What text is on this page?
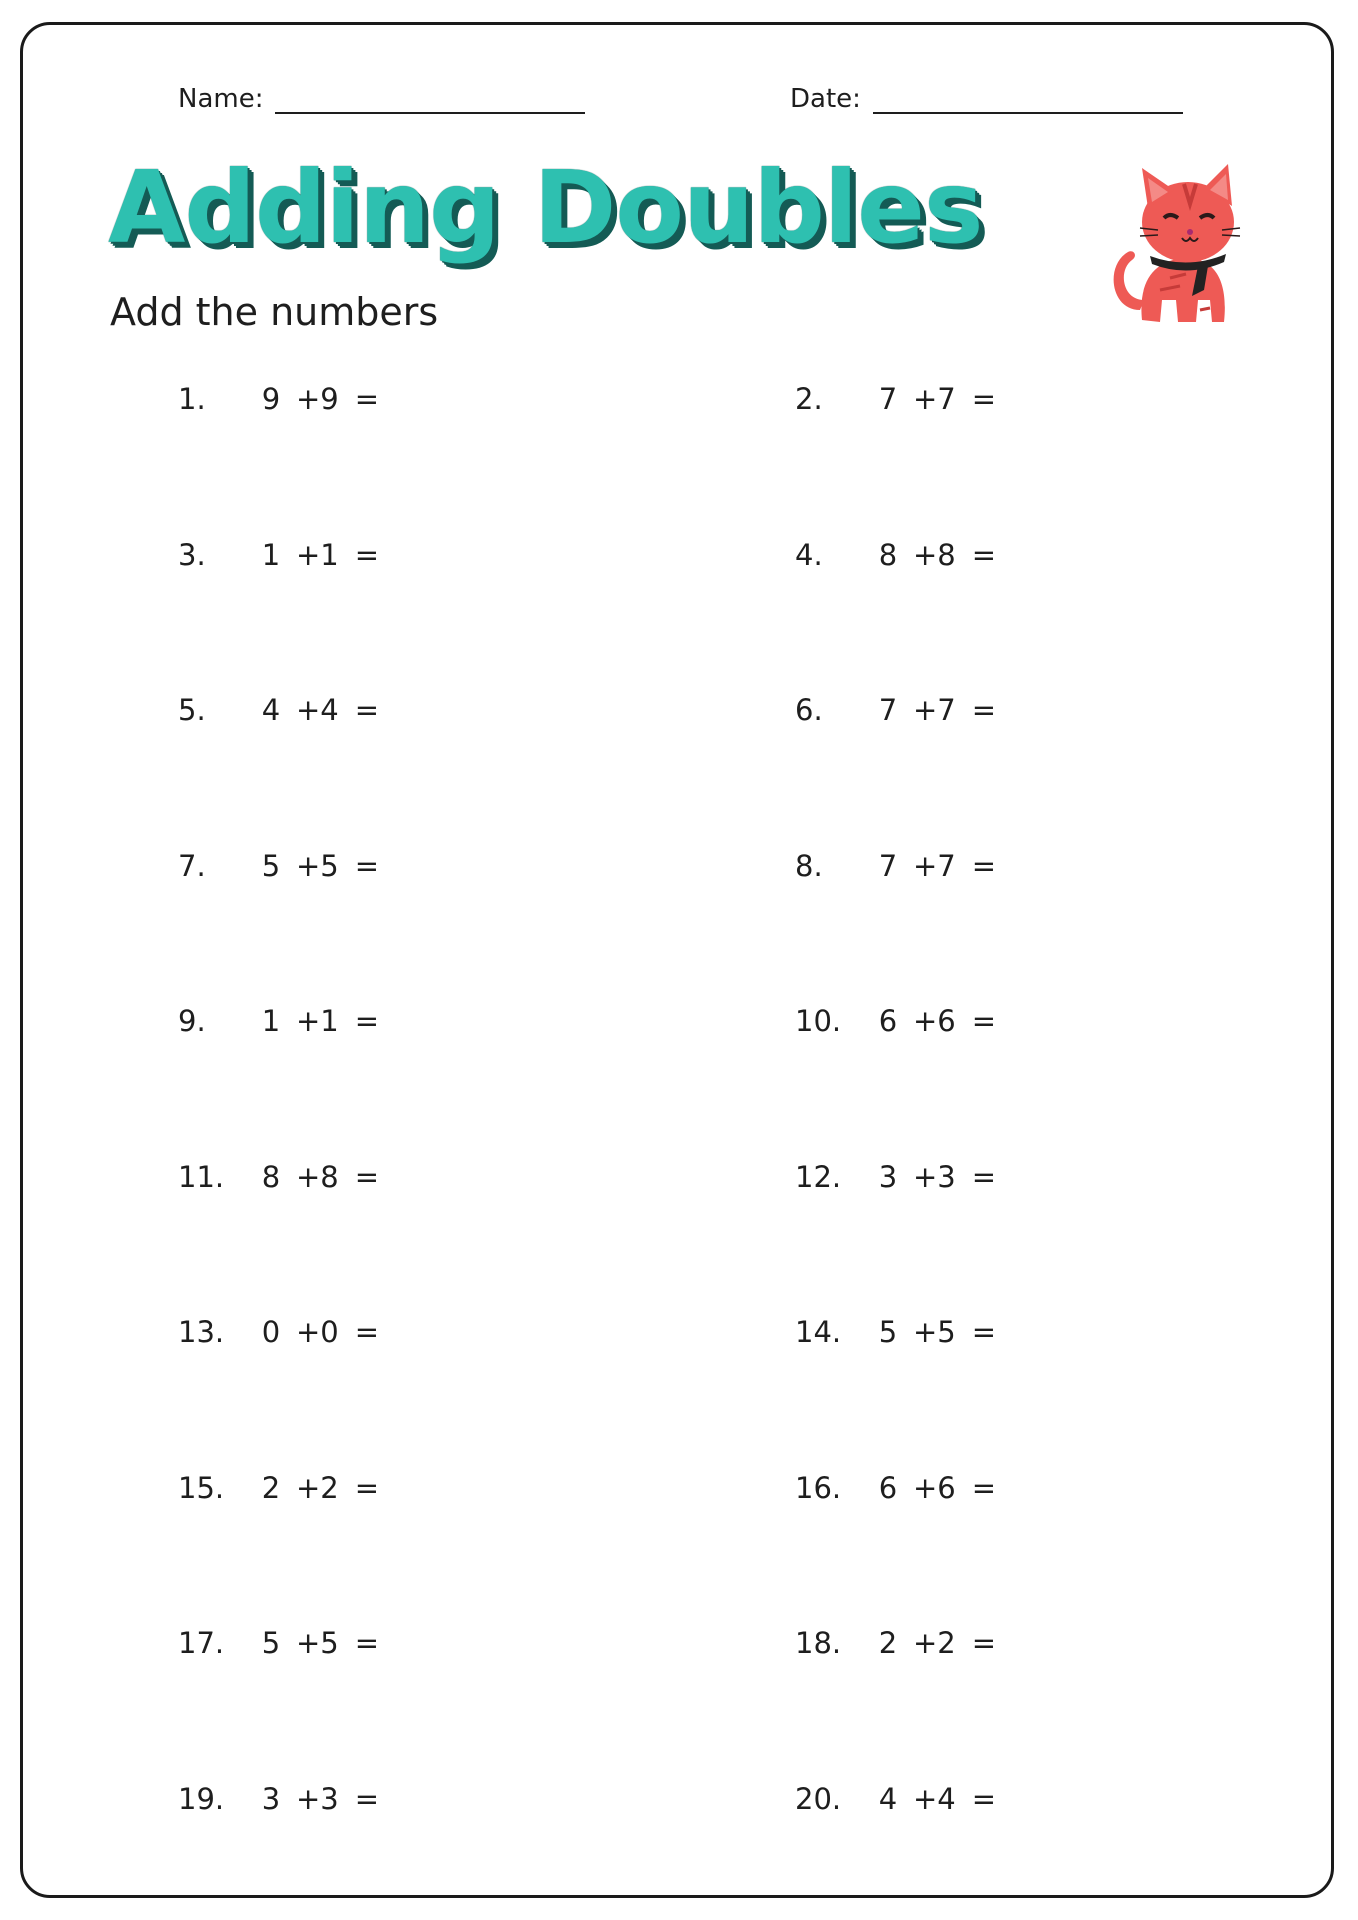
Name:	Date:
Adding Doubles
Add the numbers
1.	9 +9 =	2.	7 +7 =
3.	1 +1 =	4.	8 +8 =
5.	4 +4 =	6.	7 +7 =
7.	5 +5 =	8.	7 +7 =
9.	1 +1 =	10.	6 +6 =
11.	8 +8 =	12.	3 +3 =
13.	0 +0 =	14.	5 +5 =
15.	2 +2 =	16.	6 +6 =
17.	5 +5 =	18.	2 +2 =
19.	3 +3 =	20.	4 +4 =
